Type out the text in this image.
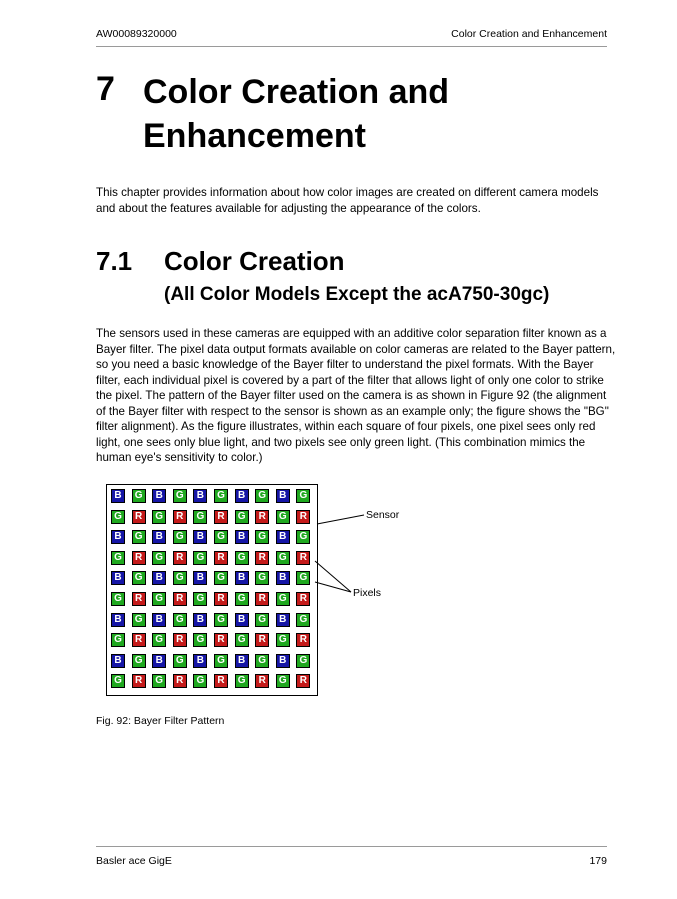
AW00089320000	Color Creation and Enhancement
7 Color Creation and Enhancement
This chapter provides information about how color images are created on different camera models and about the features available for adjusting the appearance of the colors.
7.1 Color Creation
(All Color Models Except the acA750-30gc)
The sensors used in these cameras are equipped with an additive color separation filter known as a Bayer filter. The pixel data output formats available on color cameras are related to the Bayer pattern, so you need a basic knowledge of the Bayer filter to understand the pixel formats. With the Bayer filter, each individual pixel is covered by a part of the filter that allows light of only one color to strike the pixel. The pattern of the Bayer filter used on the camera is as shown in Figure 92 (the alignment of the Bayer filter with respect to the sensor is shown as an example only; the figure shows the "BG" filter alignment). As the figure illustrates, within each square of four pixels, one pixel sees only red light, one sees only blue light, and two pixels see only green light. (This combination mimics the human eye's sensitivity to color.)
B	G	B	G	B	G	B	G	B	G
G	R	G	R	G	R	G	R	G	R
B	G	B	G	B	G	B	G	B	G
G	R	G	R	G	R	G	R	G	R
B	G	B	G	B	G	B	G	B	G
G	R	G	R	G	R	G	R	G	R
B	G	B	G	B	G	B	G	B	G
G	R	G	R	G	R	G	R	G	R
B	G	B	G	B	G	B	G	B	G
G	R	G	R	G	R	G	R	G	R
Sensor
Pixels
Fig. 92: Bayer Filter Pattern
Basler ace GigE	179
